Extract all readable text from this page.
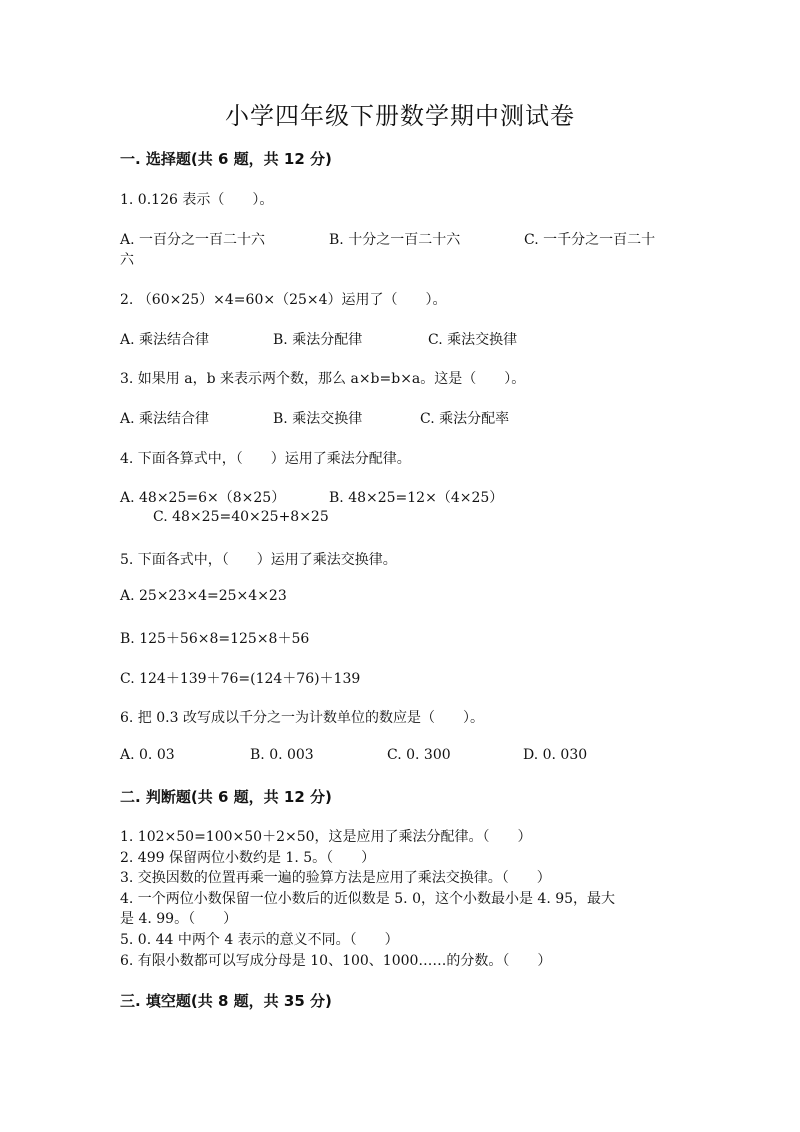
小学四年级下册数学期中测试卷
一. 选择题(共 6 题，共 12 分)
1. 0.126 表示（　　）。
A. 一百分之一百二十六	B. 十分之一百二十六	C. 一千分之一百二十
六
2. （60×25）×4=60×（25×4）运用了（　　）。
A. 乘法结合律	B. 乘法分配律	C. 乘法交换律
3. 如果用 a，b 来表示两个数，那么 a×b=b×a。这是（　　）。
A. 乘法结合律	B. 乘法交换律	C. 乘法分配率
4. 下面各算式中，（　　）运用了乘法分配律。
A. 48×25=6×（8×25）	B. 48×25=12×（4×25）
C. 48×25=40×25+8×25
5. 下面各式中，（　　）运用了乘法交换律。
A. 25×23×4=25×4×23
B. 125＋56×8=125×8＋56
C. 124＋139＋76=(124＋76)＋139
6. 把 0.3 改写成以千分之一为计数单位的数应是（　　）。
A. 0. 03	B. 0. 003	C. 0. 300	D. 0. 030
二. 判断题(共 6 题，共 12 分)
1. 102×50=100×50＋2×50，这是应用了乘法分配律。（　　）
2. 499 保留两位小数约是 1. 5。（　　）
3. 交换因数的位置再乘一遍的验算方法是应用了乘法交换律。（　　）
4. 一个两位小数保留一位小数后的近似数是 5. 0，这个小数最小是 4. 95，最大
是 4. 99。（　　）
5. 0. 44 中两个 4 表示的意义不同。（　　）
6. 有限小数都可以写成分母是 10、100、1000……的分数。（　　）
三. 填空题(共 8 题，共 35 分)
